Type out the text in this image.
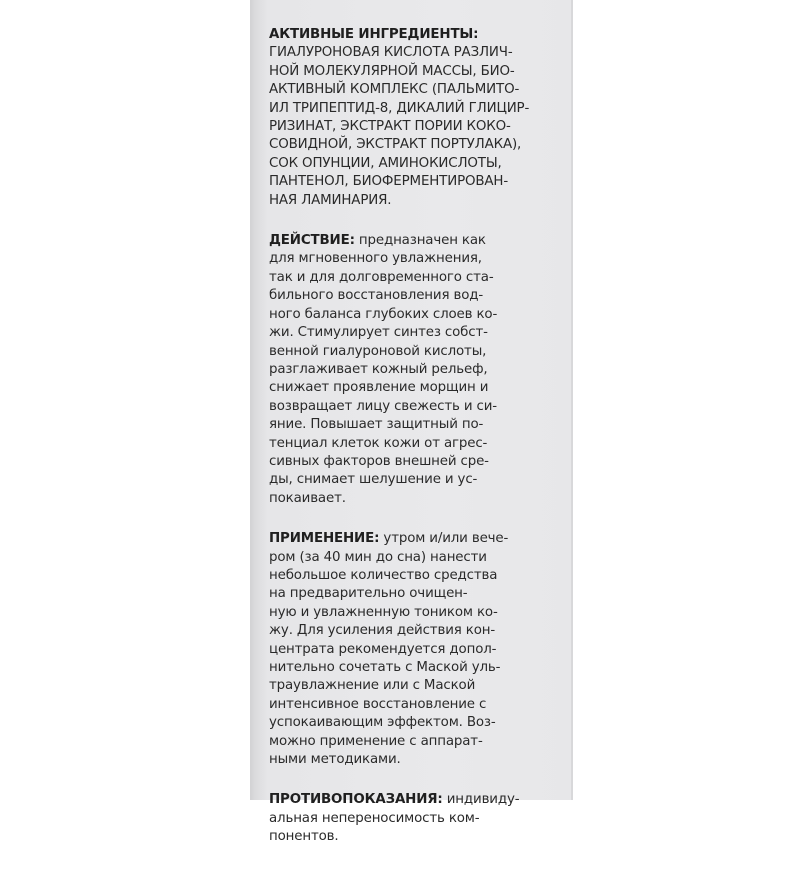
АКТИВНЫЕ ИНГРЕДИЕНТЫ:
ГИАЛУРОНОВАЯ КИСЛОТА РАЗЛИЧ-
НОЙ МОЛЕКУЛЯРНОЙ МАССЫ, БИО-
АКТИВНЫЙ КОМПЛЕКС (ПАЛЬМИТО-
ИЛ ТРИПЕПТИД-8, ДИКАЛИЙ ГЛИЦИР-
РИЗИНАТ, ЭКСТРАКТ ПОРИИ КОКО-
СОВИДНОЙ, ЭКСТРАКТ ПОРТУЛАКА),
СОК ОПУНЦИИ, АМИНОКИСЛОТЫ,
ПАНТЕНОЛ, БИОФЕРМЕНТИРОВАН-
НАЯ ЛАМИНАРИЯ.
ДЕЙСТВИЕ: предназначен как
для мгновенного увлажнения,
так и для долговременного ста-
бильного восстановления вод-
ного баланса глубоких слоев ко-
жи. Стимулирует синтез собст-
венной гиалуроновой кислоты,
разглаживает кожный рельеф,
снижает проявление морщин и
возвращает лицу свежесть и си-
яние. Повышает защитный по-
тенциал клеток кожи от агрес-
сивных факторов внешней сре-
ды, снимает шелушение и ус-
покаивает.
ПРИМЕНЕНИЕ: утром и/или вече-
ром (за 40 мин до сна) нанести
небольшое количество средства
на предварительно очищен-
ную и увлажненную тоником ко-
жу. Для усиления действия кон-
центрата рекомендуется допол-
нительно сочетать с Маской уль-
траувлажнение или с Маской
интенсивное восстановление с
успокаивающим эффектом. Воз-
можно применение с аппарат-
ными методиками.
ПРОТИВОПОКАЗАНИЯ: индивиду-
альная непереносимость ком-
понентов.
